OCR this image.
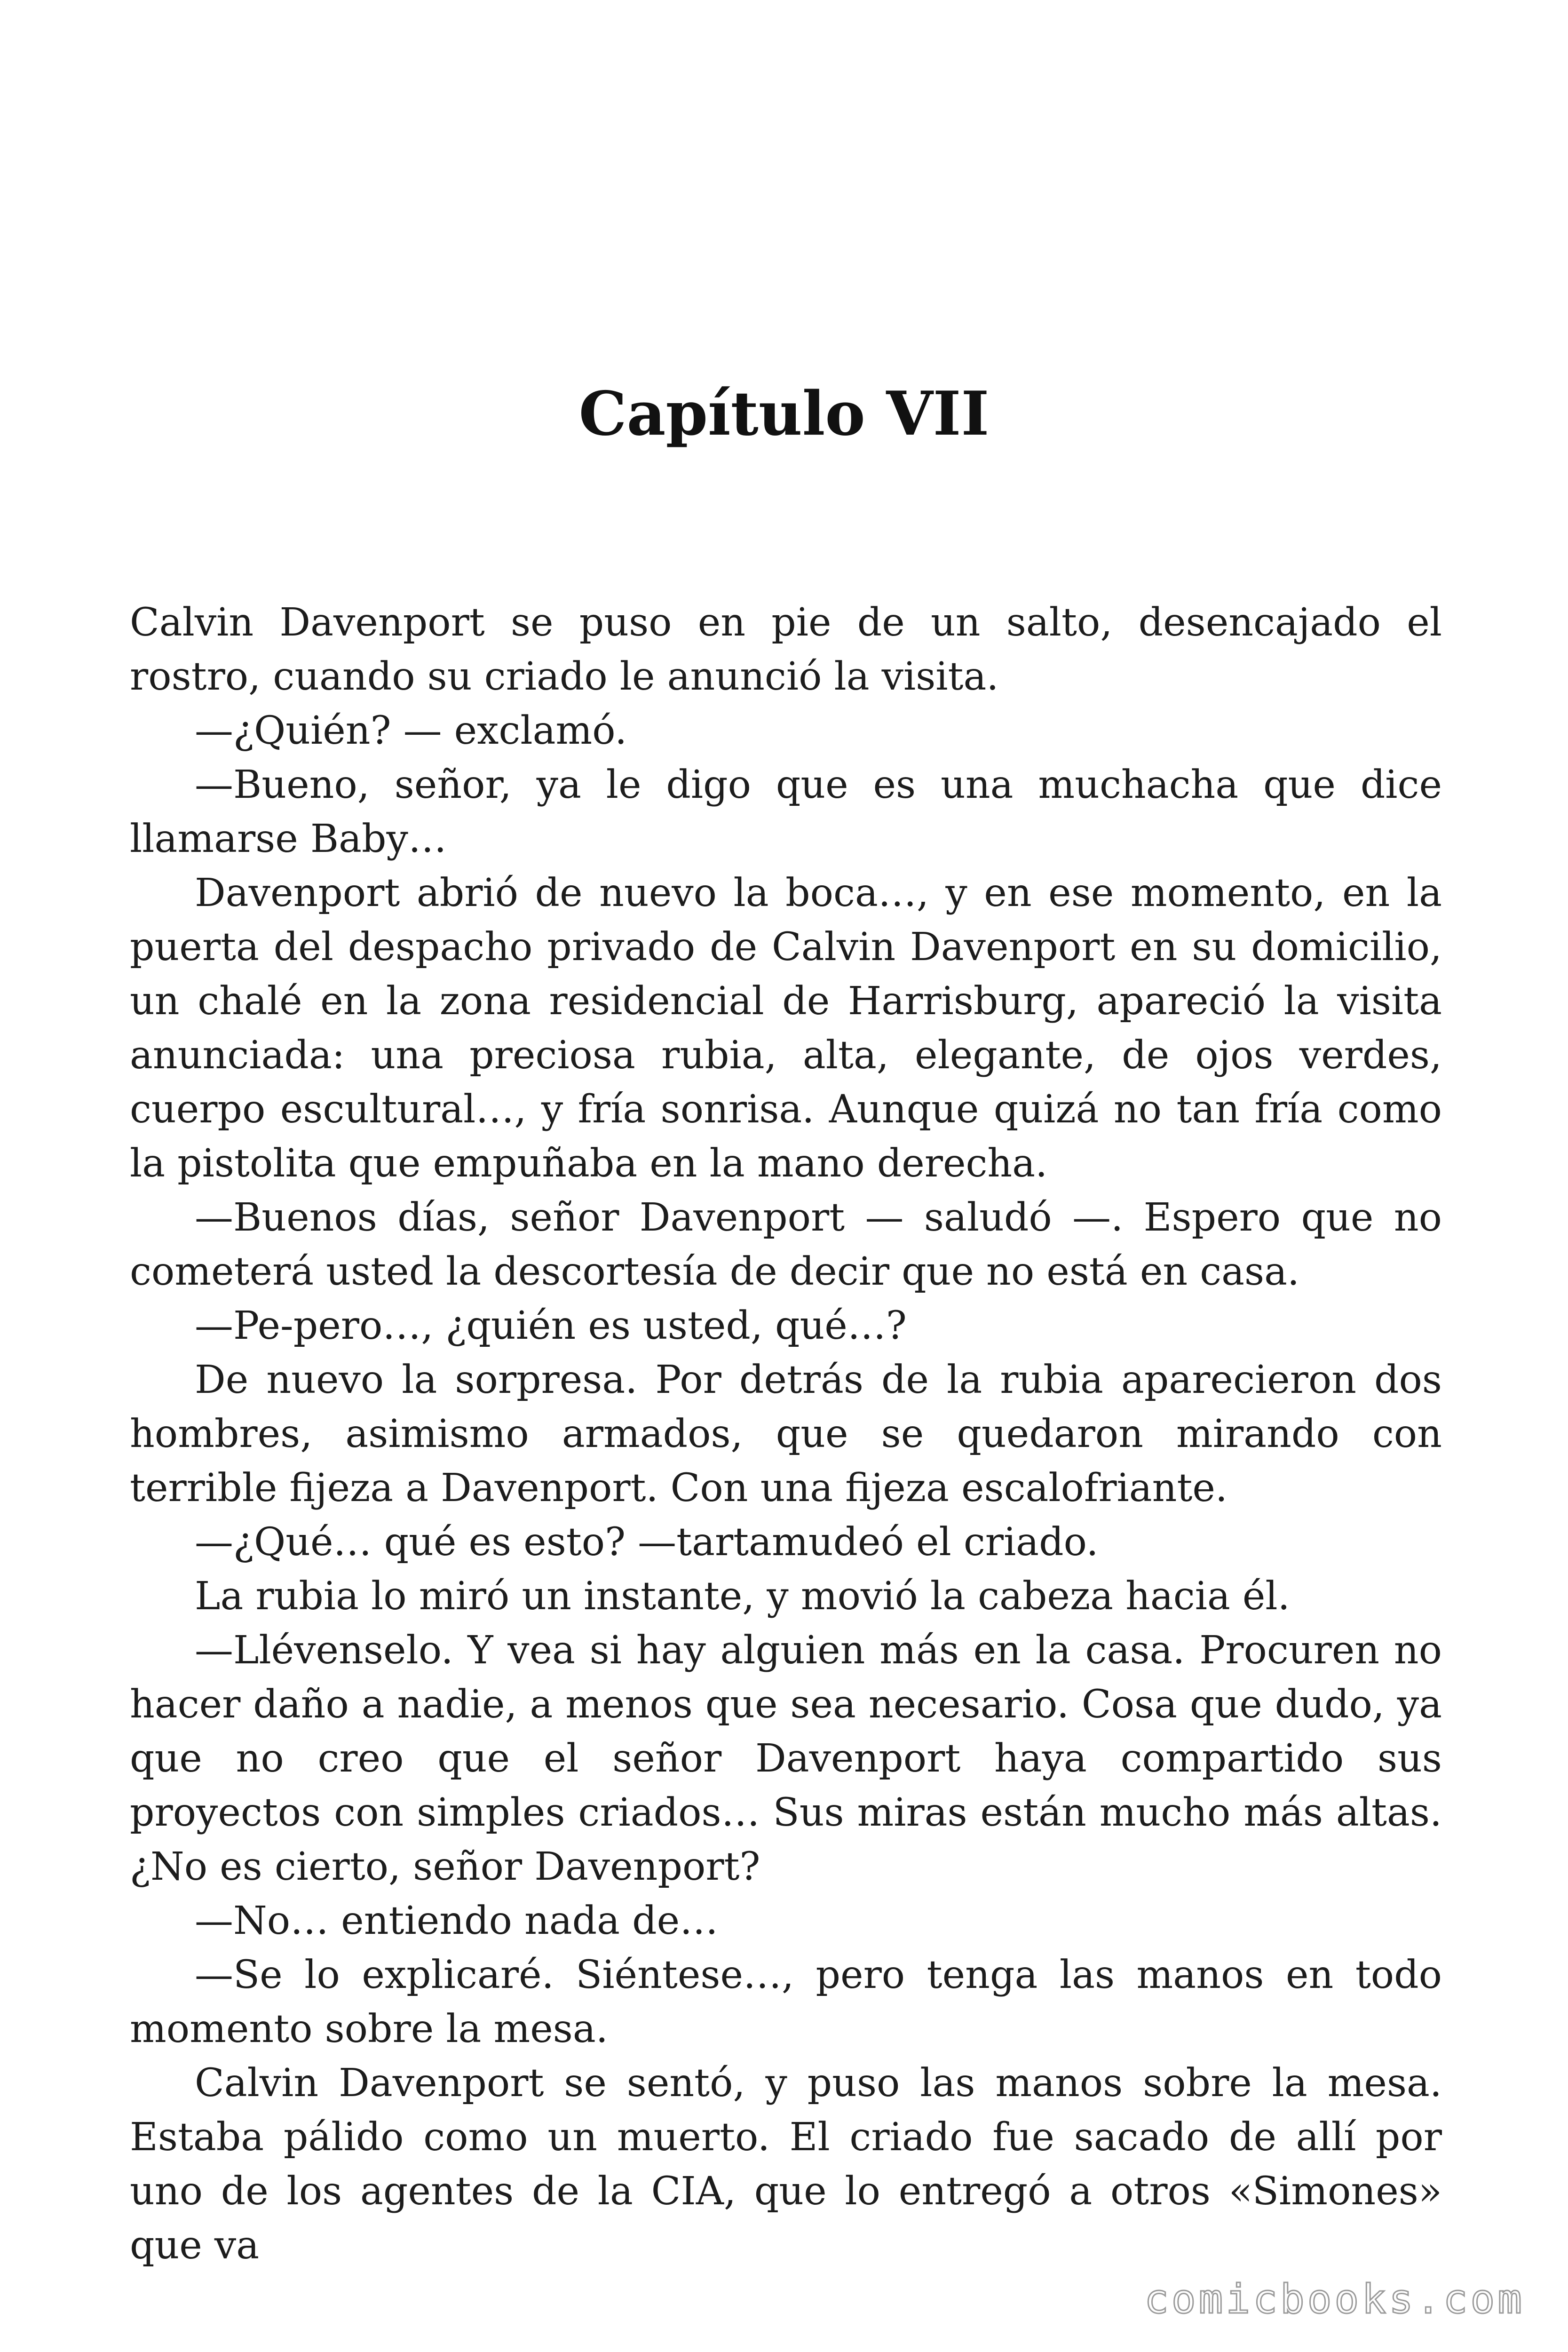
Capítulo VII

Calvin Davenport se puso en pie de un salto, desencajado el rostro, cuando su criado le anunció la visita.

—¿Quién? — exclamó.

—Bueno, señor, ya le digo que es una muchacha que dice llamarse Baby…

Davenport abrió de nuevo la boca…, y en ese momento, en la puerta del despacho privado de Calvin Davenport en su domicilio, un chalé en la zona residencial de Harrisburg, apareció la visita anunciada: una preciosa rubia, alta, elegante, de ojos verdes, cuerpo escultural…, y fría sonrisa. Aunque quizá no tan fría como la pistolita que empuñaba en la mano derecha.

—Buenos días, señor Davenport — saludó —. Espero que no cometerá usted la descortesía de decir que no está en casa.

—Pe-pero…, ¿quién es usted, qué…?

De nuevo la sorpresa. Por detrás de la rubia aparecieron dos hombres, asimismo armados, que se quedaron mirando con terrible fijeza a Davenport. Con una fijeza escalofriante.

—¿Qué… qué es esto? —tartamudeó el criado.

La rubia lo miró un instante, y movió la cabeza hacia él.

—Llévenselo. Y vea si hay alguien más en la casa. Procuren no hacer daño a nadie, a menos que sea necesario. Cosa que dudo, ya que no creo que el señor Davenport haya compartido sus proyectos con simples criados… Sus miras están mucho más altas. ¿No es cierto, señor Davenport?

—No… entiendo nada de…

—Se lo explicaré. Siéntese…, pero tenga las manos en todo momento sobre la mesa.

Calvin Davenport se sentó, y puso las manos sobre la mesa. Estaba pálido como un muerto. El criado fue sacado de allí por uno de los agentes de la CIA, que lo entregó a otros «Simones» que va

comicbooks.com
